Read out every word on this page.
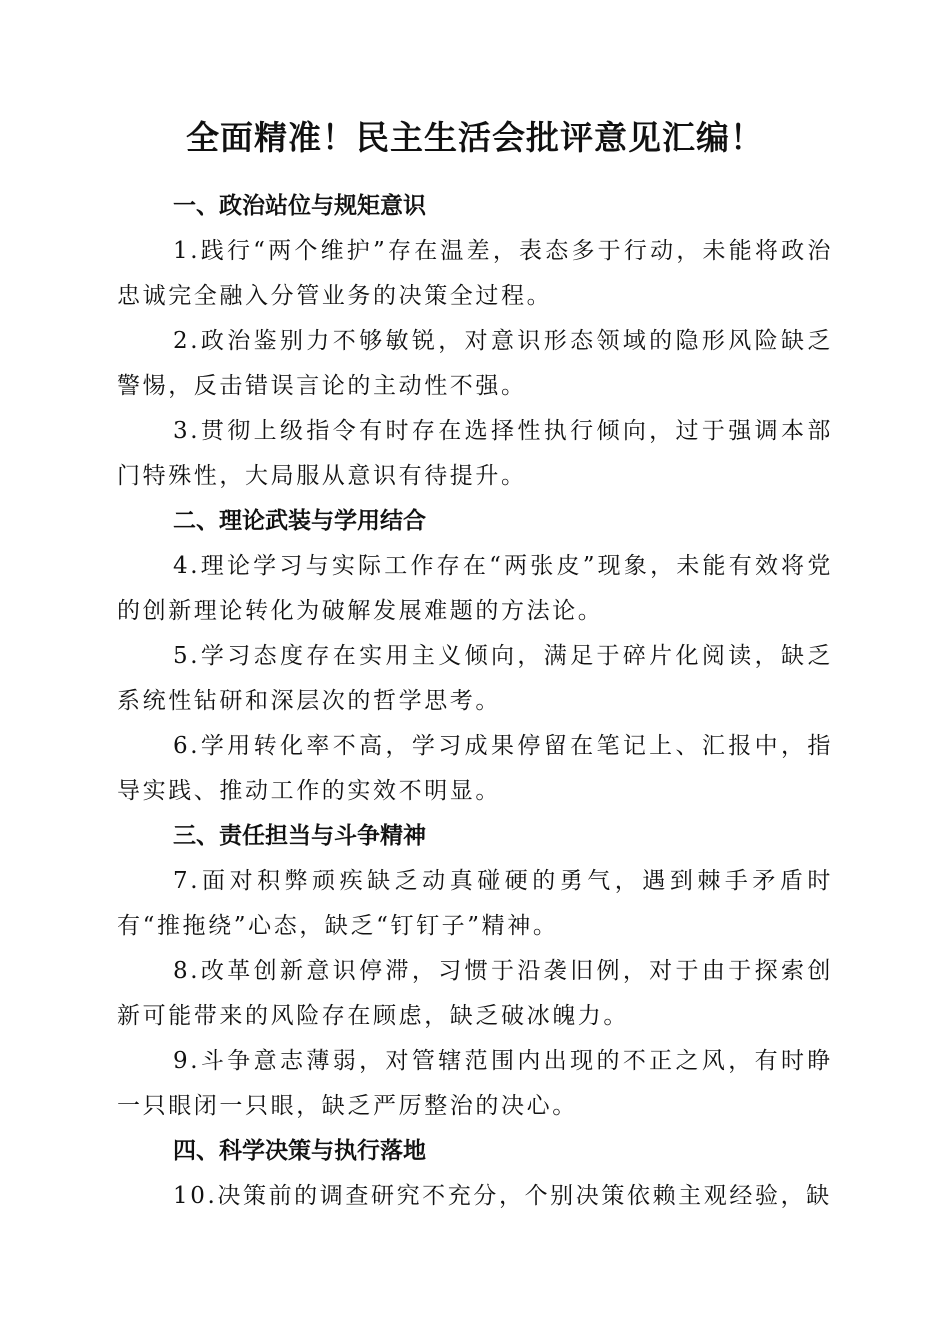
全面精准！民主生活会批评意见汇编！

一、政治站位与规矩意识

1.践行“两个维护”存在温差，表态多于行动，未能将政治忠诚完全融入分管业务的决策全过程。

2.政治鉴别力不够敏锐，对意识形态领域的隐形风险缺乏警惕，反击错误言论的主动性不强。

3.贯彻上级指令有时存在选择性执行倾向，过于强调本部门特殊性，大局服从意识有待提升。

二、理论武装与学用结合

4.理论学习与实际工作存在“两张皮”现象，未能有效将党的创新理论转化为破解发展难题的方法论。

5.学习态度存在实用主义倾向，满足于碎片化阅读，缺乏系统性钻研和深层次的哲学思考。

6.学用转化率不高，学习成果停留在笔记上、汇报中，指导实践、推动工作的实效不明显。

三、责任担当与斗争精神

7.面对积弊顽疾缺乏动真碰硬的勇气，遇到棘手矛盾时有“推拖绕”心态，缺乏“钉钉子”精神。

8.改革创新意识停滞，习惯于沿袭旧例，对于由于探索创新可能带来的风险存在顾虑，缺乏破冰魄力。

9.斗争意志薄弱，对管辖范围内出现的不正之风，有时睁一只眼闭一只眼，缺乏严厉整治的决心。

四、科学决策与执行落地

10.决策前的调查研究不充分，个别决策依赖主观经验，缺
